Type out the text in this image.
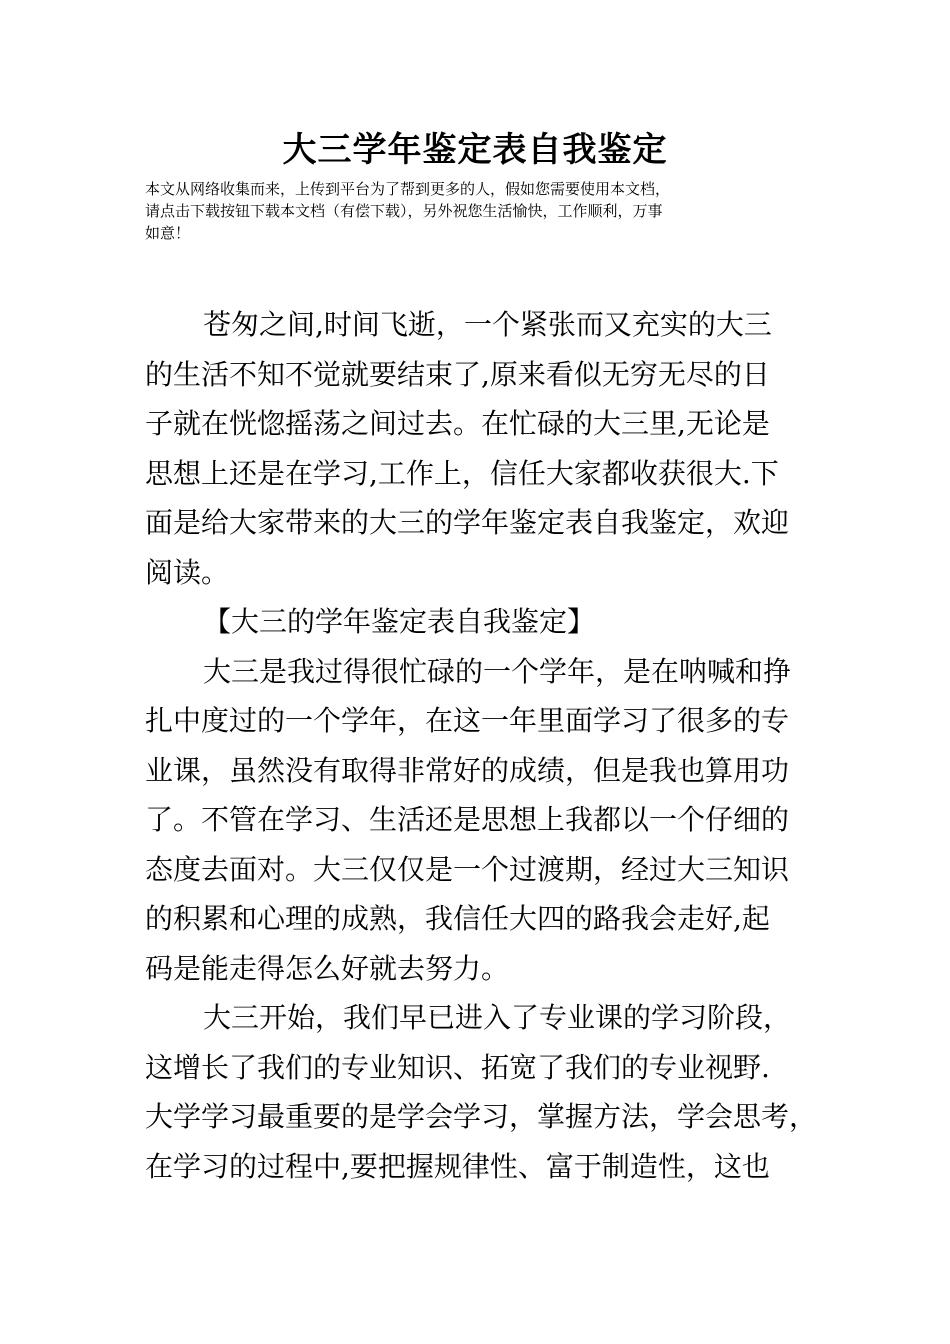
大三学年鉴定表自我鉴定

本文从网络收集而来，上传到平台为了帮到更多的人，假如您需要使用本文档，

请点击下载按钮下载本文档（有偿下载），另外祝您生活愉快，工作顺利，万事

如意！

苍匆之间,时间飞逝，一个紧张而又充实的大三
的生活不知不觉就要结束了,原来看似无穷无尽的日
子就在恍惚摇荡之间过去。在忙碌的大三里,无论是
思想上还是在学习,工作上，信任大家都收获很大.下
面是给大家带来的大三的学年鉴定表自我鉴定，欢迎
阅读。
【大三的学年鉴定表自我鉴定】
大三是我过得很忙碌的一个学年，是在呐喊和挣
扎中度过的一个学年，在这一年里面学习了很多的专
业课，虽然没有取得非常好的成绩，但是我也算用功
了。不管在学习、生活还是思想上我都以一个仔细的
态度去面对。大三仅仅是一个过渡期，经过大三知识
的积累和心理的成熟，我信任大四的路我会走好,起
码是能走得怎么好就去努力。
大三开始，我们早已进入了专业课的学习阶段，
这增长了我们的专业知识、拓宽了我们的专业视野.
大学学习最重要的是学会学习，掌握方法，学会思考，
在学习的过程中,要把握规律性、富于制造性，这也
